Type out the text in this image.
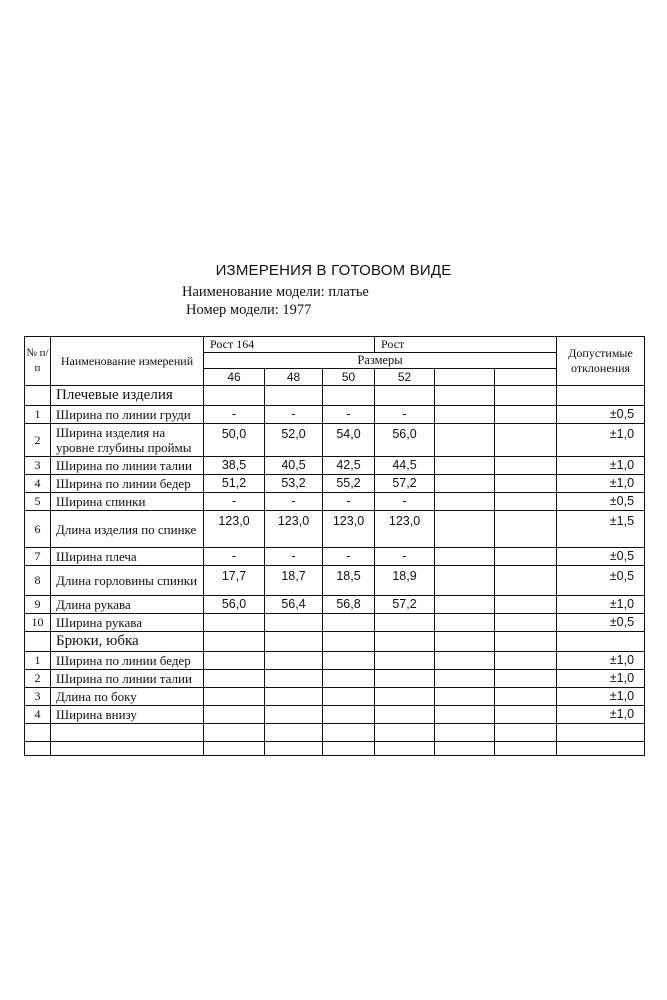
ИЗМЕРЕНИЯ В ГОТОВОМ ВИДЕ
Наименование модели: платье
Номер модели: 1977
№ п/ п	Наименование измерений	Рост 164			Рост			Допустимые отклонения
		Размеры						
		46	48	50	52			
	Плечевые изделия							
1	Ширина по линии груди	-	-	-	-			±0,5
2	Ширина изделия на уровне глубины проймы	50,0	52,0	54,0	56,0			±1,0
3	Ширина по линии талии	38,5	40,5	42,5	44,5			±1,0
4	Ширина по линии бедер	51,2	53,2	55,2	57,2			±1,0
5	Ширина спинки	-	-	-	-			±0,5
6	Длина изделия по спинке	123,0	123,0	123,0	123,0			±1,5
7	Ширина плеча	-	-	-	-			±0,5
8	Длина горловины спинки	17,7	18,7	18,5	18,9			±0,5
9	Длина рукава	56,0	56,4	56,8	57,2			±1,0
10	Ширина рукава							±0,5
	Брюки, юбка							
1	Ширина по линии бедер							±1,0
2	Ширина по линии талии							±1,0
3	Длина по боку							±1,0
4	Ширина внизу							±1,0
